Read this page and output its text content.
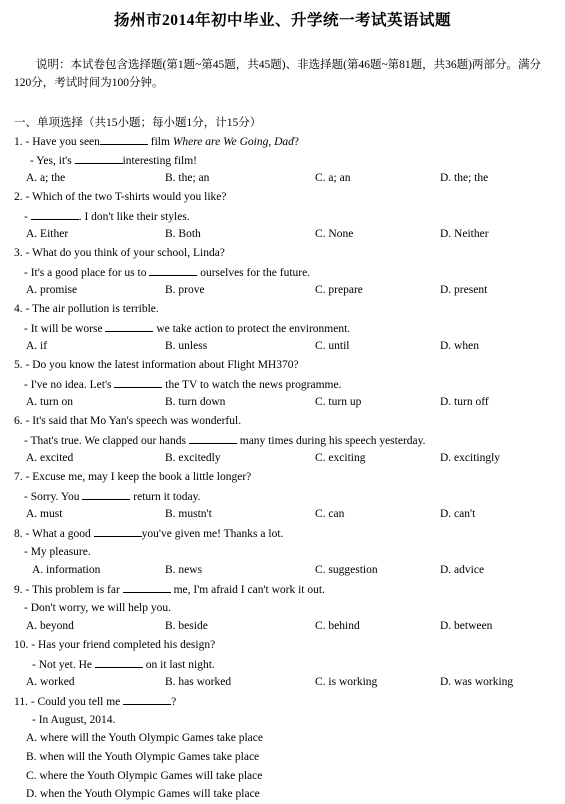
扬州市2014年初中毕业、升学统一考试英语试题
说明：本试卷包含选择题(第1题~第45题，共45题)、非选择题(第46题~第81题，共36题)两部分。满分120分，考试时间为100分钟。
一、单项选择（共15小题；每小题1分，计15分）
1. - Have you seen	film Where are We Going, Dad?
- Yes, it's	interesting film!
A. a; the	B. the; an	C. a; an	D. the; the
2. - Which of the two T-shirts would you like?
-	. I don't like their styles.
A. Either	B. Both	C. None	D. Neither
3. - What do you think of your school, Linda?
- It's a good place for us to	ourselves for the future.
A. promise	B. prove	C. prepare	D. present
4. - The air pollution is terrible.
- It will be worse	we take action to protect the environment.
A. if	B. unless	C. until	D. when
5. - Do you know the latest information about Flight MH370?
- I've no idea. Let's	the TV to watch the news programme.
A. turn on	B. turn down	C. turn up	D. turn off
6. - It's said that Mo Yan's speech was wonderful.
- That's true. We clapped our hands	many times during his speech yesterday.
A. excited	B. excitedly	C. exciting	D. excitingly
7. - Excuse me, may I keep the book a little longer?
- Sorry. You	return it today.
A. must	B. mustn't	C. can	D. can't
8. - What a good	you've given me! Thanks a lot.
- My pleasure.
A. information	B. news	C. suggestion	D. advice
9. - This problem is far	me, I'm afraid I can't work it out.
- Don't worry, we will help you.
A. beyond	B. beside	C. behind	D. between
10. - Has your friend completed his design?
- Not yet. He	on it last night.
A. worked	B. has worked	C. is working	D. was working
11. - Could you tell me	?
- In August, 2014.
A. where will the Youth Olympic Games take place
B. when will the Youth Olympic Games take place
C. where the Youth Olympic Games will take place
D. when the Youth Olympic Games will take place
